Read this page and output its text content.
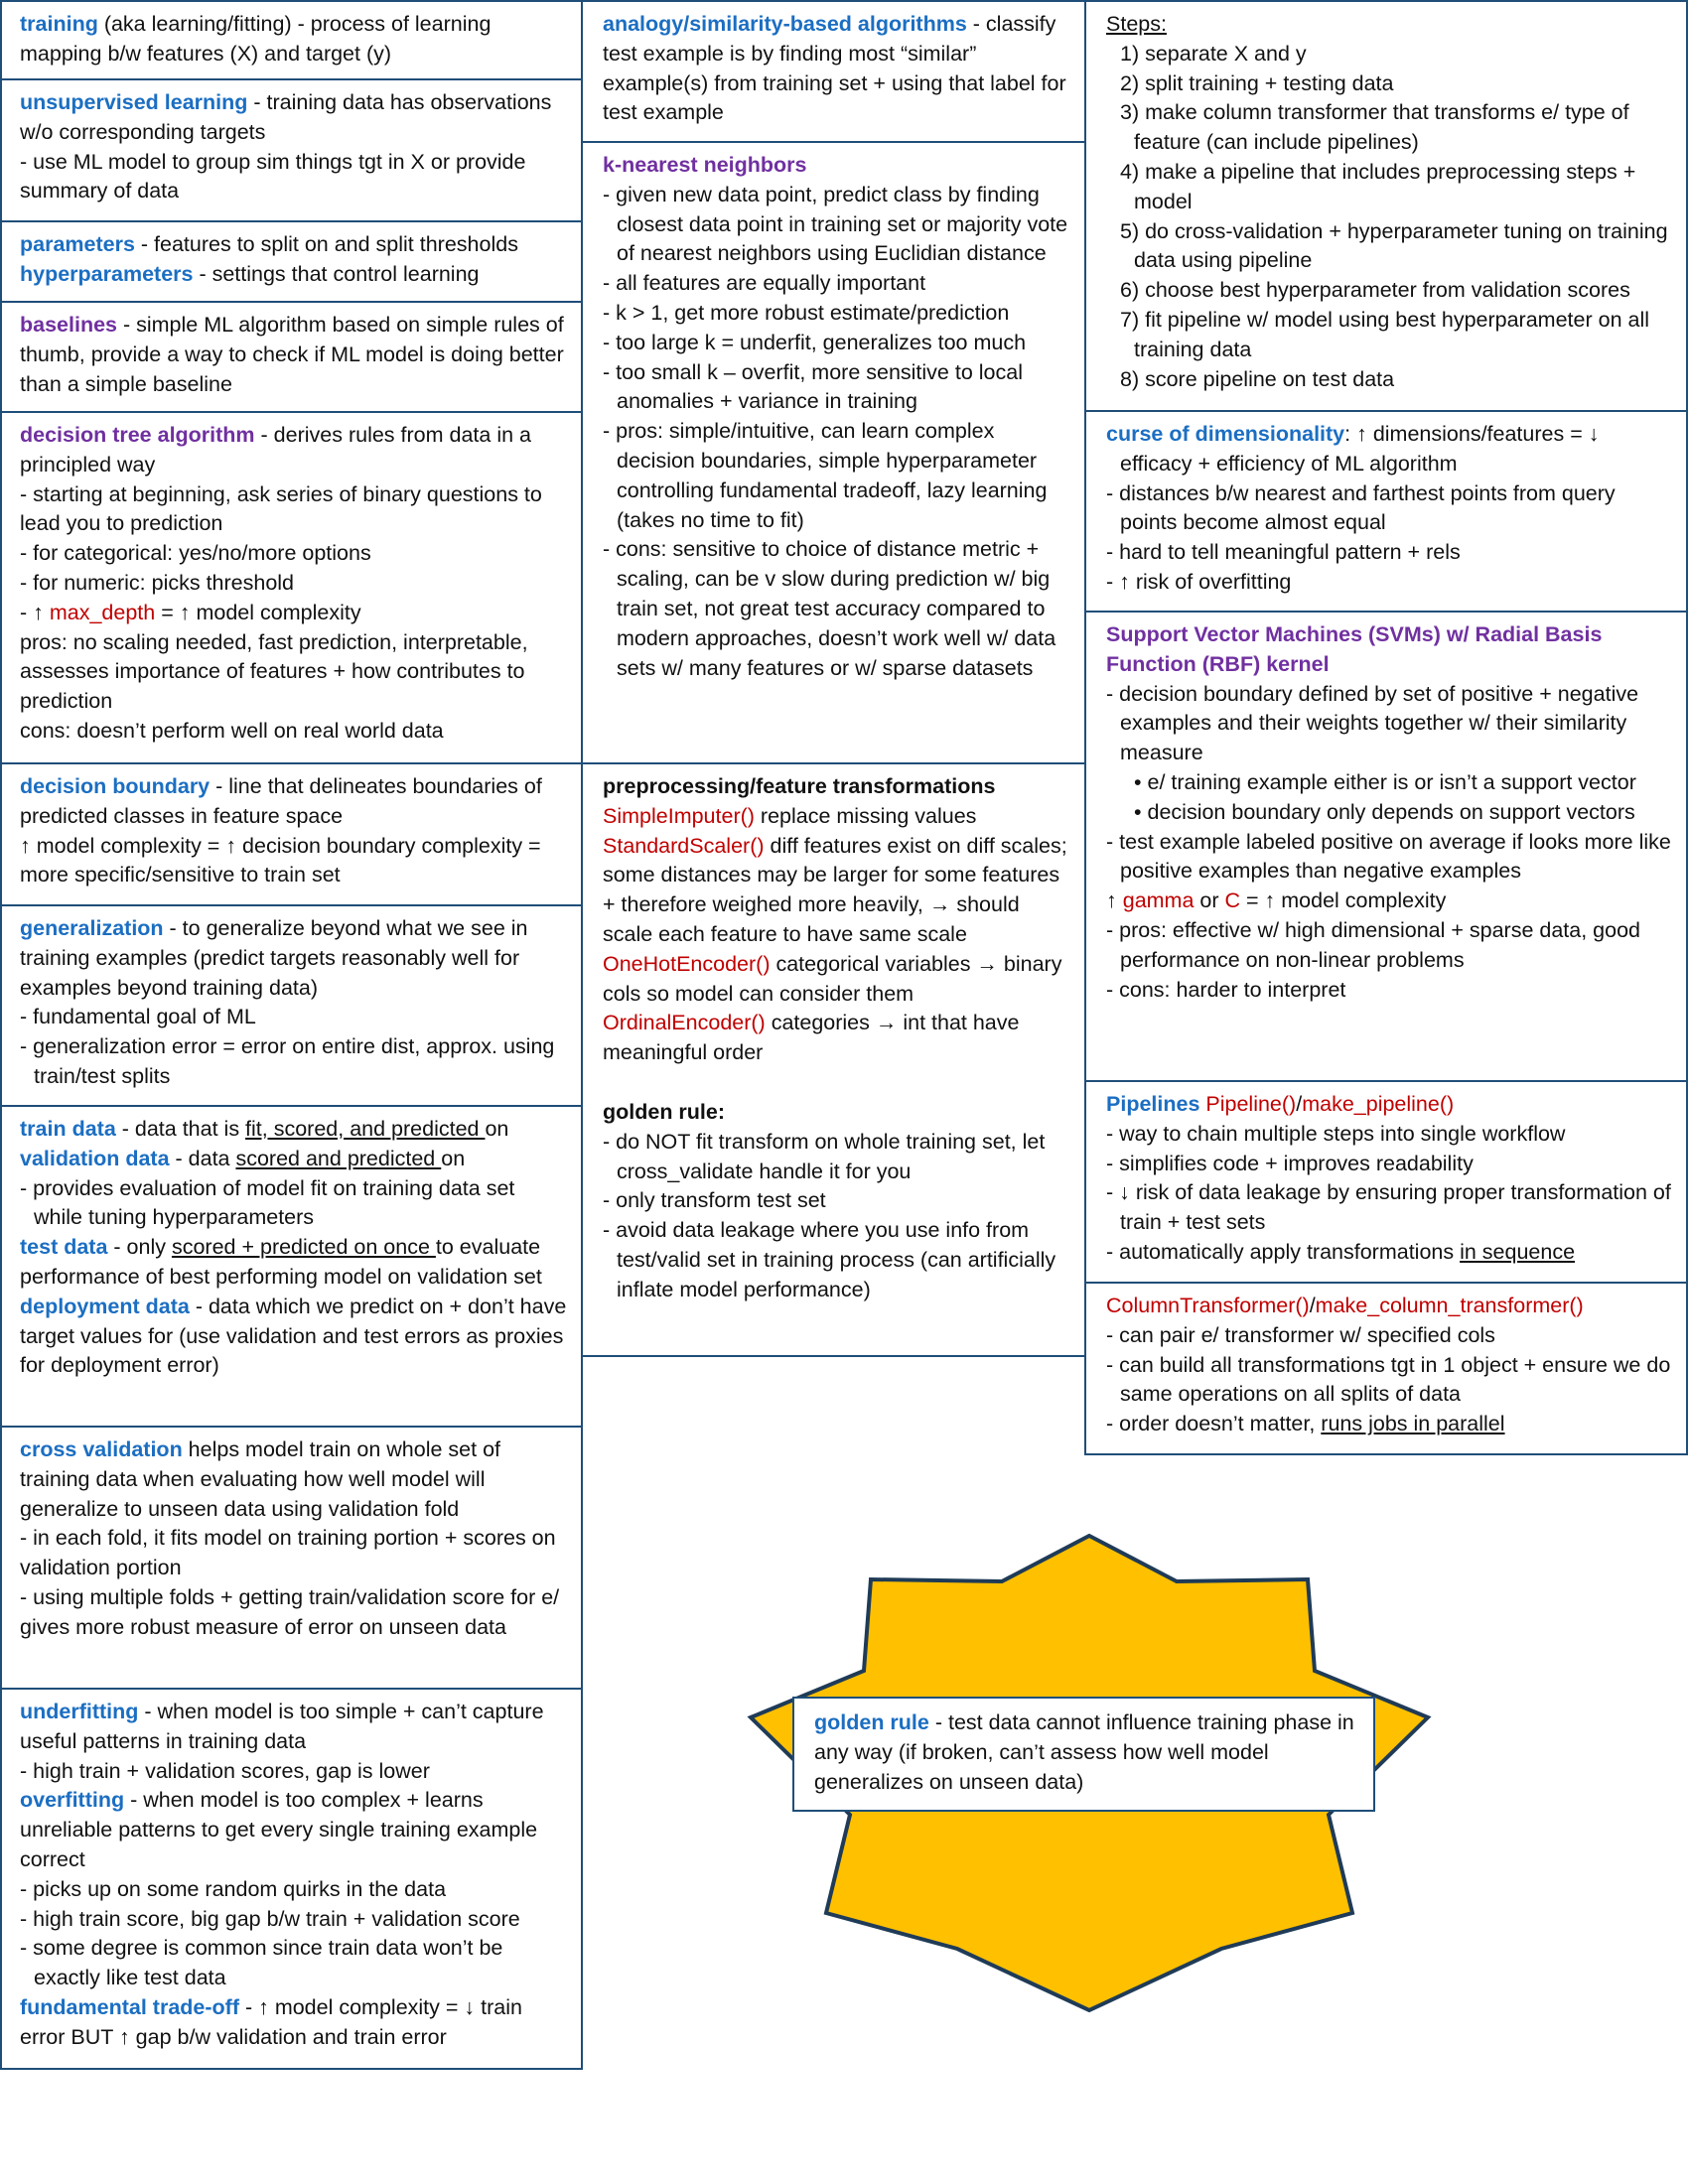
training (aka learning/fitting) - process of learning mapping b/w features (X) and target (y)

unsupervised learning - training data has observations w/o corresponding targets

- use ML model to group sim things tgt in X or provide summary of data

parameters - features to split on and split thresholds

hyperparameters - settings that control learning

baselines - simple ML algorithm based on simple rules of thumb, provide a way to check if ML model is doing better than a simple baseline

decision tree algorithm - derives rules from data in a principled way

- starting at beginning, ask series of binary questions to lead you to prediction

- for categorical: yes/no/more options

- for numeric: picks threshold

- ↑ max_depth = ↑ model complexity

pros: no scaling needed, fast prediction, interpretable, assesses importance of features + how contributes to prediction

cons: doesn’t perform well on real world data

decision boundary - line that delineates boundaries of predicted classes in feature space

↑ model complexity = ↑ decision boundary complexity = more specific/sensitive to train set

generalization - to generalize beyond what we see in training examples (predict targets reasonably well for examples beyond training data)

- fundamental goal of ML

- generalization error = error on entire dist, approx. using train/test splits

train data - data that is fit, scored, and predicted on

validation data - data scored and predicted on

- provides evaluation of model fit on training data set while tuning hyperparameters

test data - only scored + predicted on once to evaluate performance of best performing model on validation set

deployment data - data which we predict on + don’t have target values for (use validation and test errors as proxies for deployment error)

cross validation helps model train on whole set of training data when evaluating how well model will generalize to unseen data using validation fold

- in each fold, it fits model on training portion + scores on validation portion

- using multiple folds + getting train/validation score for e/ gives more robust measure of error on unseen data

underfitting - when model is too simple + can’t capture useful patterns in training data

- high train + validation scores, gap is lower

overfitting - when model is too complex + learns unreliable patterns to get every single training example correct

- picks up on some random quirks in the data

- high train score, big gap b/w train + validation score

- some degree is common since train data won’t be exactly like test data

fundamental trade-off - ↑ model complexity = ↓ train error BUT ↑ gap b/w validation and train error

analogy/similarity-based algorithms - classify test example is by finding most “similar” example(s) from training set + using that label for test example

k-nearest neighbors

- given new data point, predict class by finding closest data point in training set or majority vote of nearest neighbors using Euclidian distance

- all features are equally important

- k > 1, get more robust estimate/prediction

- too large k = underfit, generalizes too much

- too small k – overfit, more sensitive to local anomalies + variance in training

- pros: simple/intuitive, can learn complex decision boundaries, simple hyperparameter controlling fundamental tradeoff, lazy learning (takes no time to fit)

- cons: sensitive to choice of distance metric + scaling, can be v slow during prediction w/ big train set, not great test accuracy compared to modern approaches, doesn’t work well w/ data sets w/ many features or w/ sparse datasets

preprocessing/feature transformations

SimpleImputer() replace missing values

StandardScaler() diff features exist on diff scales; some distances may be larger for some features + therefore weighed more heavily, → should scale each feature to have same scale

OneHotEncoder() categorical variables → binary cols so model can consider them

OrdinalEncoder() categories → int that have meaningful order

golden rule:

- do NOT fit transform on whole training set, let cross_validate handle it for you

- only transform test set

- avoid data leakage where you use info from test/valid set in training process (can artificially inflate model performance)

Steps:

1) separate X and y

2) split training + testing data

3) make column transformer that transforms e/ type of feature (can include pipelines)

4) make a pipeline that includes preprocessing steps + model

5) do cross-validation + hyperparameter tuning on training data using pipeline

6) choose best hyperparameter from validation scores

7) fit pipeline w/ model using best hyperparameter on all training data

8) score pipeline on test data

curse of dimensionality: ↑ dimensions/features = ↓ efficacy + efficiency of ML algorithm

- distances b/w nearest and farthest points from query points become almost equal

- hard to tell meaningful pattern + rels

- ↑ risk of overfitting

Support Vector Machines (SVMs) w/ Radial Basis Function (RBF) kernel

- decision boundary defined by set of positive + negative examples and their weights together w/ their similarity measure

• e/ training example either is or isn’t a support vector

• decision boundary only depends on support vectors

- test example labeled positive on average if looks more like positive examples than negative examples

↑ gamma or C = ↑ model complexity

- pros: effective w/ high dimensional + sparse data, good performance on non-linear problems

- cons: harder to interpret

Pipelines Pipeline()/make_pipeline()

- way to chain multiple steps into single workflow

- simplifies code + improves readability

- ↓ risk of data leakage by ensuring proper transformation of train + test sets

- automatically apply transformations in sequence

ColumnTransformer()/make_column_transformer()

- can pair e/ transformer w/ specified cols

- can build all transformations tgt in 1 object + ensure we do same operations on all splits of data

- order doesn’t matter, runs jobs in parallel

golden rule - test data cannot influence training phase in any way (if broken, can’t assess how well model generalizes on unseen data)
